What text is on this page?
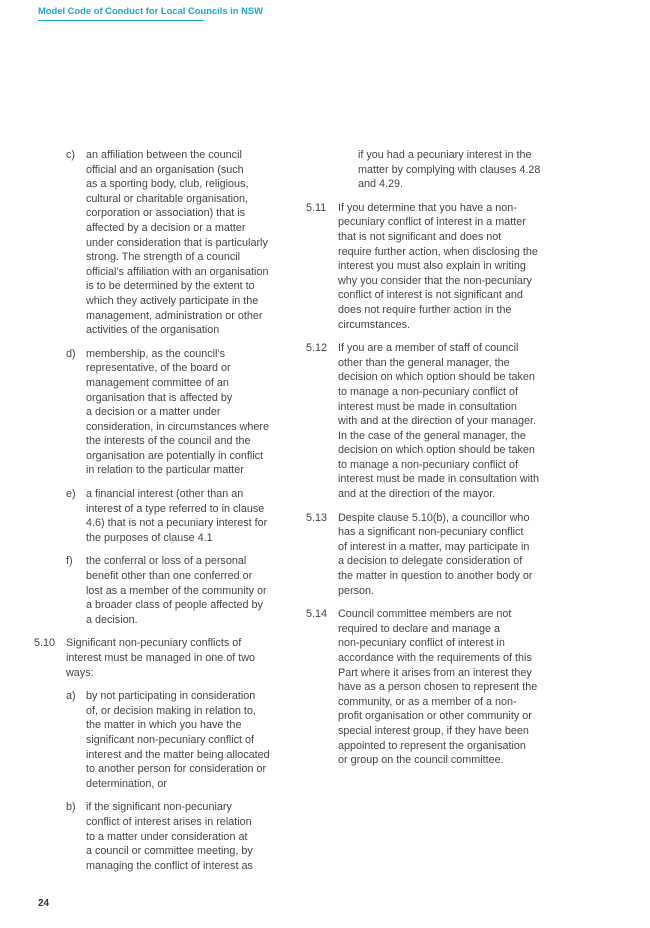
Model Code of Conduct for Local Councils in NSW
c)	an affiliation between the council
official and an organisation (such
as a sporting body, club, religious,
cultural or charitable organisation,
corporation or association) that is
affected by a decision or a matter
under consideration that is particularly
strong. The strength of a council
official’s affiliation with an organisation
is to be determined by the extent to
which they actively participate in the
management, administration or other
activities of the organisation
d) membership, as the council’s
representative, of the board or
management committee of an
organisation that is affected by
a decision or a matter under
consideration, in circumstances where
the interests of the council and the
organisation are potentially in conflict
in relation to the particular matter
e) a financial interest (other than an
interest of a type referred to in clause
4.6) that is not a pecuniary interest for
the purposes of clause 4.1
f)	the conferral or loss of a personal
benefit other than one conferred or
lost as a member of the community or
a broader class of people affected by
a decision.
5.10	Significant non-pecuniary conflicts of
interest must be managed in one of two
ways:
a) by not participating in consideration
of, or decision making in relation to,
the matter in which you have the
significant non-pecuniary conflict of
interest and the matter being allocated
to another person for consideration or
determination, or
b) if the significant non-pecuniary
conflict of interest arises in relation
to a matter under consideration at
a council or committee meeting, by
managing the conflict of interest as
if you had a pecuniary interest in the
matter by complying with clauses 4.28
and 4.29.
5.11	If you determine that you have a non-
pecuniary conflict of interest in a matter
that is not significant and does not
require further action, when disclosing the
interest you must also explain in writing
why you consider that the non-pecuniary
conflict of interest is not significant and
does not require further action in the
circumstances.
5.12	If you are a member of staff of council
other than the general manager, the
decision on which option should be taken
to manage a non-pecuniary conflict of
interest must be made in consultation
with and at the direction of your manager.
In the case of the general manager, the
decision on which option should be taken
to manage a non-pecuniary conflict of
interest must be made in consultation with
and at the direction of the mayor.
5.13	Despite clause 5.10(b), a councillor who
has a significant non-pecuniary conflict
of interest in a matter, may participate in
a decision to delegate consideration of
the matter in question to another body or
person.
5.14	Council committee members are not
required to declare and manage a
non-pecuniary conflict of interest in
accordance with the requirements of this
Part where it arises from an interest they
have as a person chosen to represent the
community, or as a member of a non-
profit organisation or other community or
special interest group, if they have been
appointed to represent the organisation
or group on the council committee.
24
